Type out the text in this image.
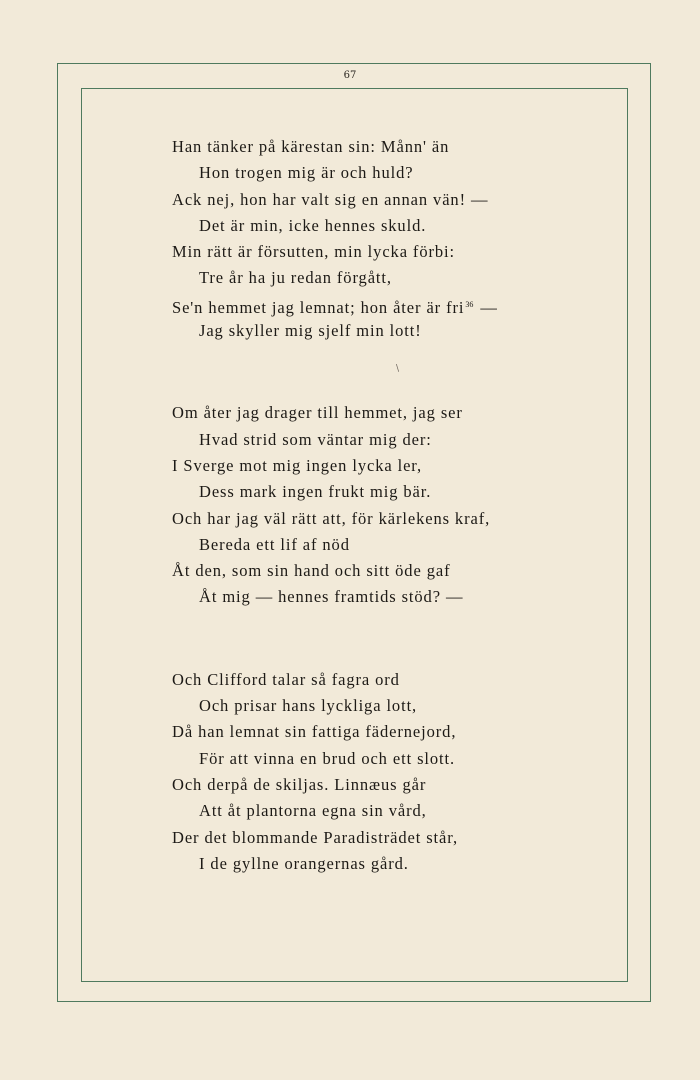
67
\
Han tänker på kärestan sin: Månn' än
Hon trogen mig är och huld?
Ack nej, hon har valt sig en annan vän! —
Det är min, icke hennes skuld.
Min rätt är försutten, min lycka förbi:
Tre år ha ju redan förgått,
Se'n hemmet jag lemnat; hon åter är fri$^{36}$ —
Jag skyller mig sjelf min lott!
Om åter jag drager till hemmet, jag ser
Hvad strid som väntar mig der:
I Sverge mot mig ingen lycka ler,
Dess mark ingen frukt mig bär.
Och har jag väl rätt att, för kärlekens kraf,
Bereda ett lif af nöd
Åt den, som sin hand och sitt öde gaf
Åt mig — hennes framtids stöd? —
Och Clifford talar så fagra ord
Och prisar hans lyckliga lott,
Då han lemnat sin fattiga fädernejord,
För att vinna en brud och ett slott.
Och derpå de skiljas. Linnæus går
Att åt plantorna egna sin vård,
Der det blommande Paradisträdet står,
I de gyllne orangernas gård.
